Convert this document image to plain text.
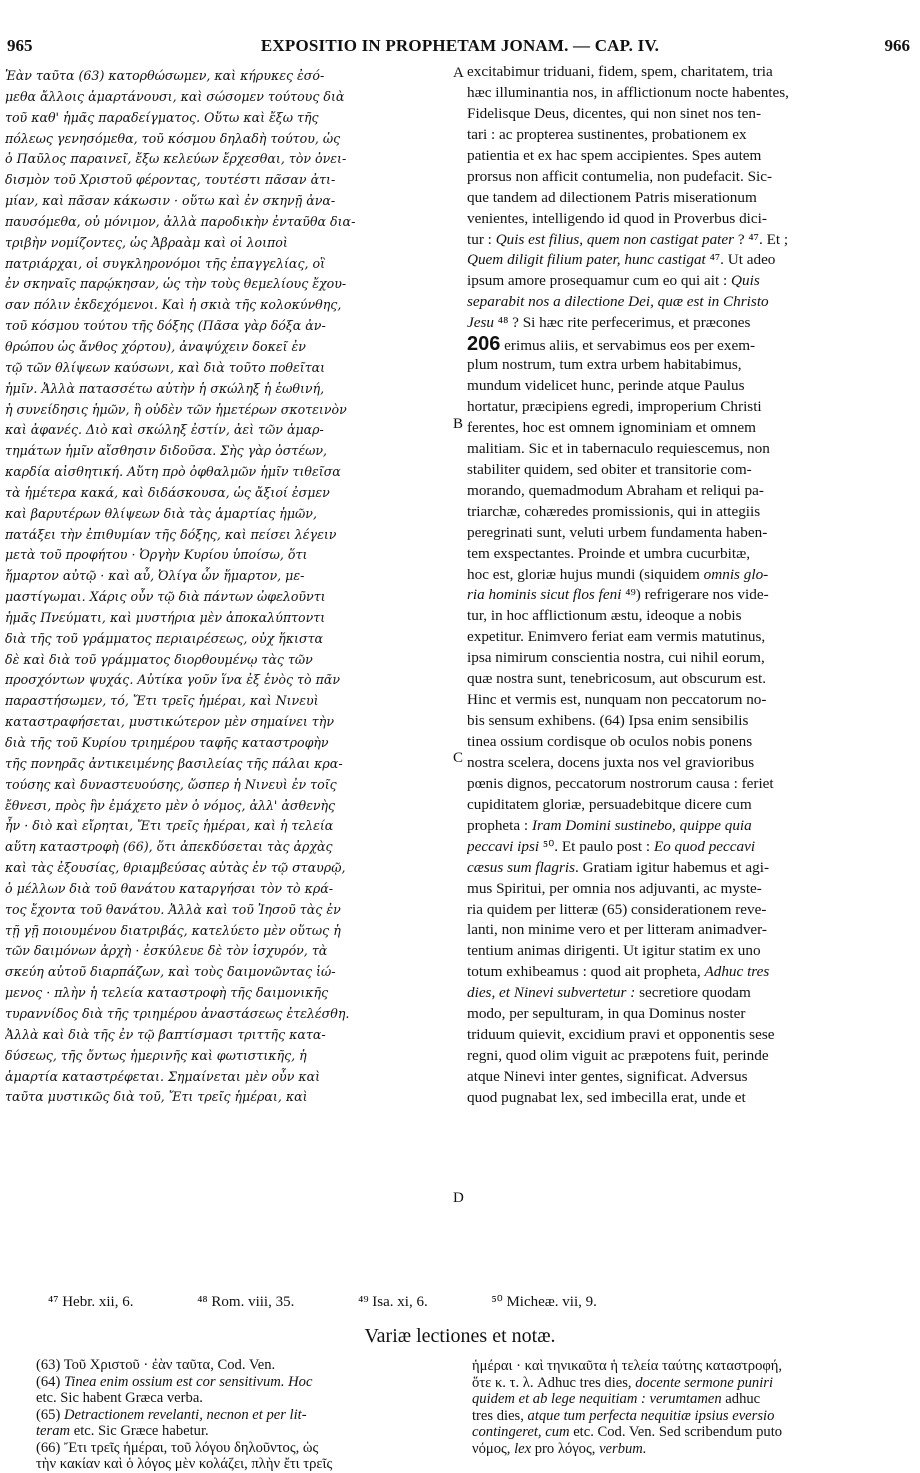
965	EXPOSITIO IN PROPHETAM JONAM. — CAP. IV.	966
Ἐὰν ταῦτα (63) κατορθώσωμεν, καὶ κήρυκες ἐσό-
μεθα ἄλλοις ἁμαρτάνουσι, καὶ σώσομεν τούτους διὰ
τοῦ καθ' ἡμᾶς παραδείγματος. Οὕτω καὶ ἔξω τῆς
πόλεως γενησόμεθα, τοῦ κόσμου δηλαδὴ τούτου, ὡς
ὁ Παῦλος παραινεῖ, ἔξω κελεύων ἔρχεσθαι, τὸν ὀνει-
δισμὸν τοῦ Χριστοῦ φέροντας, τουτέστι πᾶσαν ἀτι-
μίαν, καὶ πᾶσαν κάκωσιν · οὕτω καὶ ἐν σκηνῇ ἀνα-
παυσόμεθα, οὐ μόνιμον, ἀλλὰ παροδικὴν ἐνταῦθα δια-
τριβὴν νομίζοντες, ὡς Ἀβραὰμ καὶ οἱ λοιποὶ
πατριάρχαι, οἱ συγκληρονόμοι τῆς ἐπαγγελίας, οἳ
ἐν σκηναῖς παρῴκησαν, ὡς τὴν τοὺς θεμελίους ἔχου-
σαν πόλιν ἐκδεχόμενοι. Καὶ ἡ σκιὰ τῆς κολοκύνθης,
τοῦ κόσμου τούτου τῆς δόξης (Πᾶσα γὰρ δόξα ἀν-
θρώπου ὡς ἄνθος χόρτου), ἀναψύχειν δοκεῖ ἐν
τῷ τῶν θλίψεων καύσωνι, καὶ διὰ τοῦτο ποθεῖται
ἡμῖν. Ἀλλὰ πατασσέτω αὐτὴν ἡ σκώληξ ἡ ἑωθινή,
ἡ συνείδησις ἡμῶν, ἣ οὐδὲν τῶν ἡμετέρων σκοτεινὸν
καὶ ἀφανές. Διὸ καὶ σκώληξ ἐστίν, ἀεὶ τῶν ἁμαρ-
τημάτων ἡμῖν αἴσθησιν διδοῦσα. Σὴς γὰρ ὀστέων,
καρδία αἰσθητική. Αὕτη πρὸ ὀφθαλμῶν ἡμῖν τιθεῖσα
τὰ ἡμέτερα κακά, καὶ διδάσκουσα, ὡς ἄξιοί ἐσμεν
καὶ βαρυτέρων θλίψεων διὰ τὰς ἁμαρτίας ἡμῶν,
πατάξει τὴν ἐπιθυμίαν τῆς δόξης, καὶ πείσει λέγειν
μετὰ τοῦ προφήτου · Ὀργὴν Κυρίου ὑποίσω, ὅτι
ἥμαρτον αὐτῷ · καὶ αὖ, Ὀλίγα ὧν ἥμαρτον, με-
μαστίγωμαι. Χάρις οὖν τῷ διὰ πάντων ὠφελοῦντι
ἡμᾶς Πνεύματι, καὶ μυστήρια μὲν ἀποκαλύπτοντι
διὰ τῆς τοῦ γράμματος περιαιρέσεως, οὐχ ἥκιστα
δὲ καὶ διὰ τοῦ γράμματος διορθουμένῳ τὰς τῶν
προσχόντων ψυχάς. Αὐτίκα γοῦν ἵνα ἐξ ἑνὸς τὸ πᾶν
παραστήσωμεν, τό, Ἔτι τρεῖς ἡμέραι, καὶ Νινευὶ
καταστραφήσεται, μυστικώτερον μὲν σημαίνει τὴν
διὰ τῆς τοῦ Κυρίου τριημέρου ταφῆς καταστροφὴν
τῆς πονηρᾶς ἀντικειμένης βασιλείας τῆς πάλαι κρα-
τούσης καὶ δυναστευούσης, ὥσπερ ἡ Νινευὶ ἐν τοῖς
ἔθνεσι, πρὸς ἣν ἐμάχετο μὲν ὁ νόμος, ἀλλ' ἀσθενὴς
ἦν · διὸ καὶ εἴρηται, Ἔτι τρεῖς ἡμέραι, καὶ ἡ τελεία
αὕτη καταστροφὴ (66), ὅτι ἀπεκδύσεται τὰς ἀρχὰς
καὶ τὰς ἐξουσίας, θριαμβεύσας αὐτὰς ἐν τῷ σταυρῷ,
ὁ μέλλων διὰ τοῦ θανάτου καταργήσαι τὸν τὸ κρά-
τος ἔχοντα τοῦ θανάτου. Ἀλλὰ καὶ τοῦ Ἰησοῦ τὰς ἐν
τῇ γῇ ποιουμένου διατριβάς, κατελύετο μὲν οὕτως ἡ
τῶν δαιμόνων ἀρχὴ · ἐσκύλευε δὲ τὸν ἰσχυρόν, τὰ
σκεύη αὐτοῦ διαρπάζων, καὶ τοὺς δαιμονῶντας ἰώ-
μενος · πλὴν ἡ τελεία καταστροφὴ τῆς δαιμονικῆς
τυραννίδος διὰ τῆς τριημέρου ἀναστάσεως ἐτελέσθη.
Ἀλλὰ καὶ διὰ τῆς ἐν τῷ βαπτίσμασι τριττῆς κατα-
δύσεως, τῆς ὄντως ἡμερινῆς καὶ φωτιστικῆς, ἡ
ἁμαρτία καταστρέφεται. Σημαίνεται μὲν οὖν καὶ
ταῦτα μυστικῶς διὰ τοῦ, Ἔτι τρεῖς ἡμέραι, καὶ
excitabimur triduani, fidem, spem, charitatem, tria
hæc illuminantia nos, in afflictionum nocte habentes,
Fidelisque Deus, dicentes, qui non sinet nos ten-
tari : ac propterea sustinentes, probationem ex
patientia et ex hac spem accipientes. Spes autem
prorsus non afficit contumelia, non pudefacit. Sic-
que tandem ad dilectionem Patris miserationum
venientes, intelligendo id quod in Proverbus dici-
tur : Quis est filius, quem non castigat pater ? ⁴⁷. Et ;
Quem diligit filium pater, hunc castigat ⁴⁷. Ut adeo
ipsum amore prosequamur cum eo qui ait : Quis
separabit nos a dilectione Dei, quæ est in Christo
Jesu ⁴⁸ ? Si hæc rite perfecerimus, et præcones
206 erimus aliis, et servabimus eos per exem-
plum nostrum, tum extra urbem habitabimus,
mundum videlicet hunc, perinde atque Paulus
hortatur, præcipiens egredi, improperium Christi
ferentes, hoc est omnem ignominiam et omnem
malitiam. Sic et in tabernaculo requiescemus, non
stabiliter quidem, sed obiter et transitorie com-
morando, quemadmodum Abraham et reliqui pa-
triarchæ, cohæredes promissionis, qui in attegiis
peregrinati sunt, veluti urbem fundamenta haben-
tem exspectantes. Proinde et umbra cucurbitæ,
hoc est, gloriæ hujus mundi (siquidem omnis glo-
ria hominis sicut flos feni ⁴⁹) refrigerare nos vide-
tur, in hoc afflictionum æstu, ideoque a nobis
expetitur. Enimvero feriat eam vermis matutinus,
ipsa nimirum conscientia nostra, cui nihil eorum,
quæ nostra sunt, tenebricosum, aut obscurum est.
Hinc et vermis est, nunquam non peccatorum no-
bis sensum exhibens. (64) Ipsa enim sensibilis
tinea ossium cordisque ob oculos nobis ponens
nostra scelera, docens juxta nos vel gravioribus
pœnis dignos, peccatorum nostrorum causa : feriet
cupiditatem gloriæ, persuadebitque dicere cum
propheta : Iram Domini sustinebo, quippe quia
peccavi ipsi ⁵⁰. Et paulo post : Eo quod peccavi
cæsus sum flagris. Gratiam igitur habemus et agi-
mus Spiritui, per omnia nos adjuvanti, ac myste-
ria quidem per litteræ (65) considerationem reve-
lanti, non minime vero et per litteram animadver-
tentium animas dirigenti. Ut igitur statim ex uno
totum exhibeamus : quod ait propheta, Adhuc tres
dies, et Ninevi subvertetur : secretiore quodam
modo, per sepulturam, in qua Dominus noster
triduum quievit, excidium pravi et opponentis sese
regni, quod olim viguit ac præpotens fuit, perinde
atque Ninevi inter gentes, significat. Adversus
quod pugnabat lex, sed imbecilla erat, unde et
A
B
C
D
⁴⁷ Hebr. xii, 6.	⁴⁸ Rom. viii, 35.	⁴⁹ Isa. xi, 6.	⁵⁰ Micheæ. vii, 9.
Variæ lectiones et notæ.
(63) Τοῦ Χριστοῦ · ἐὰν ταῦτα, Cod. Ven.
(64) Tinea enim ossium est cor sensitivum. Hoc
etc. Sic habent Græca verba.
(65) Detractionem revelanti, necnon et per lit-
teram etc. Sic Græce habetur.
(66) Ἔτι τρεῖς ἡμέραι, τοῦ λόγου δηλοῦντος, ὡς
τὴν κακίαν καὶ ὁ λόγος μὲν κολάζει, πλὴν ἔτι τρεῖς
ἡμέραι · καὶ τηνικαῦτα ἡ τελεία ταύτης καταστροφή,
ὅτε κ. τ. λ. Adhuc tres dies, docente sermone puniri
quidem et ab lege nequitiam : verumtamen adhuc
tres dies, atque tum perfecta nequitiæ ipsius eversio
contingeret, cum etc. Cod. Ven. Sed scribendum puto
νόμος, lex pro λόγος, verbum.
